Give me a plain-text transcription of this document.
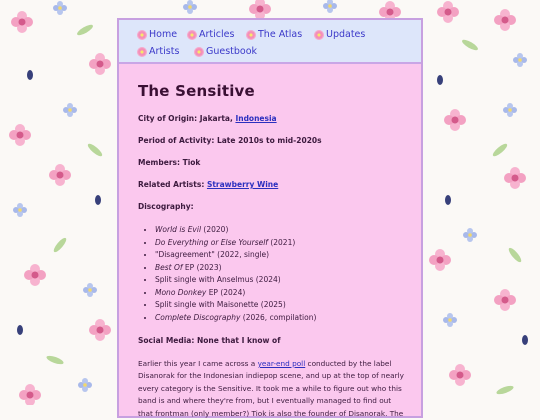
Home Articles The Atlas	Updates
Artists	Guestbook
The Sensitive

City of Origin: Jakarta, Indonesia

Period of Activity: Late 2010s to mid-2020s

Members: Tiok

Related Artists: Strawberry Wine

Discography:

• World is Evil (2020)
• Do Everything or Else Yourself (2021)
• "Disagreement" (2022, single)
• Best Of EP (2023)
• Split single with Anselmus (2024)
• Mono Donkey EP (2024)
• Split single with Maisonette (2025)
• Complete Discography (2026, compilation)

Social Media: None that I know of

Earlier this year I came across a year-end poll conducted by the label Disanorak for the Indonesian indiepop scene, and up at the top of nearly every category is the Sensitive. It took me a while to figure out who this band is and where they're from, but I eventually managed to find out that frontman (only member?) Tiok is also the founder of Disanorak. The
